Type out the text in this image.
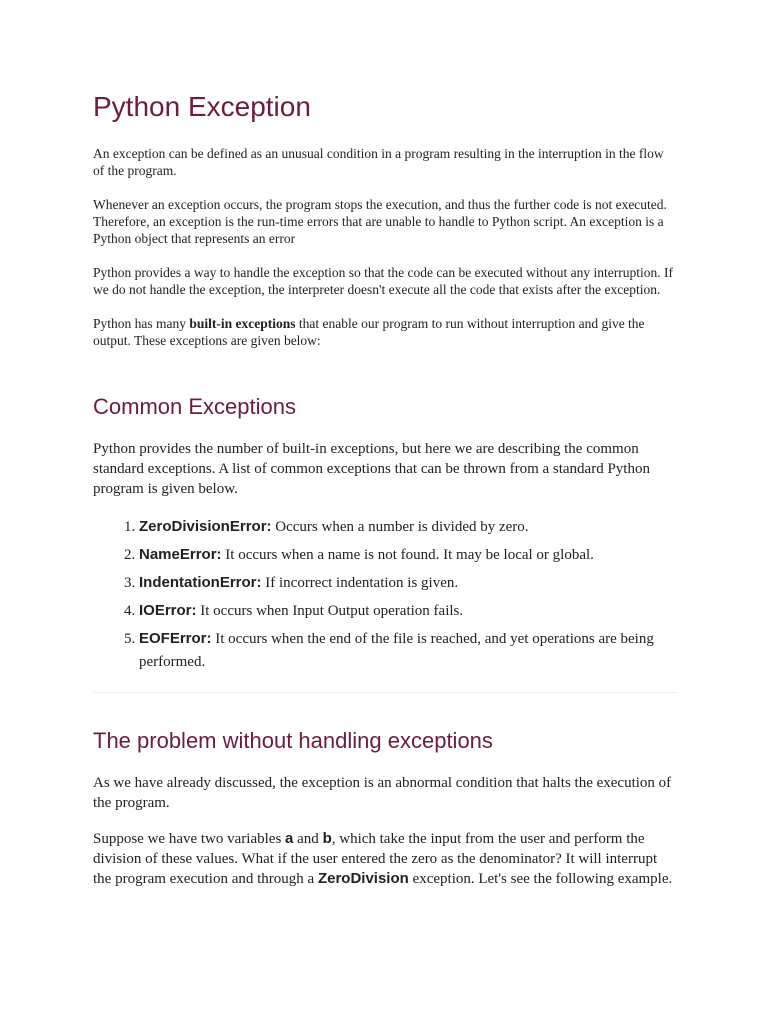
Python Exception

An exception can be defined as an unusual condition in a program resulting in the interruption in the flow of the program.

Whenever an exception occurs, the program stops the execution, and thus the further code is not executed. Therefore, an exception is the run-time errors that are unable to handle to Python script. An exception is a Python object that represents an error

Python provides a way to handle the exception so that the code can be executed without any interruption. If we do not handle the exception, the interpreter doesn't execute all the code that exists after the exception.

Python has many built-in exceptions that enable our program to run without interruption and give the output. These exceptions are given below:

Common Exceptions

Python provides the number of built-in exceptions, but here we are describing the common standard exceptions. A list of common exceptions that can be thrown from a standard Python program is given below.

1. ZeroDivisionError: Occurs when a number is divided by zero.
2. NameError: It occurs when a name is not found. It may be local or global.
3. IndentationError: If incorrect indentation is given.
4. IOError: It occurs when Input Output operation fails.
5. EOFError: It occurs when the end of the file is reached, and yet operations are being performed.
The problem without handling exceptions

As we have already discussed, the exception is an abnormal condition that halts the execution of the program.

Suppose we have two variables a and b, which take the input from the user and perform the division of these values. What if the user entered the zero as the denominator? It will interrupt the program execution and through a ZeroDivision exception. Let's see the following example.
